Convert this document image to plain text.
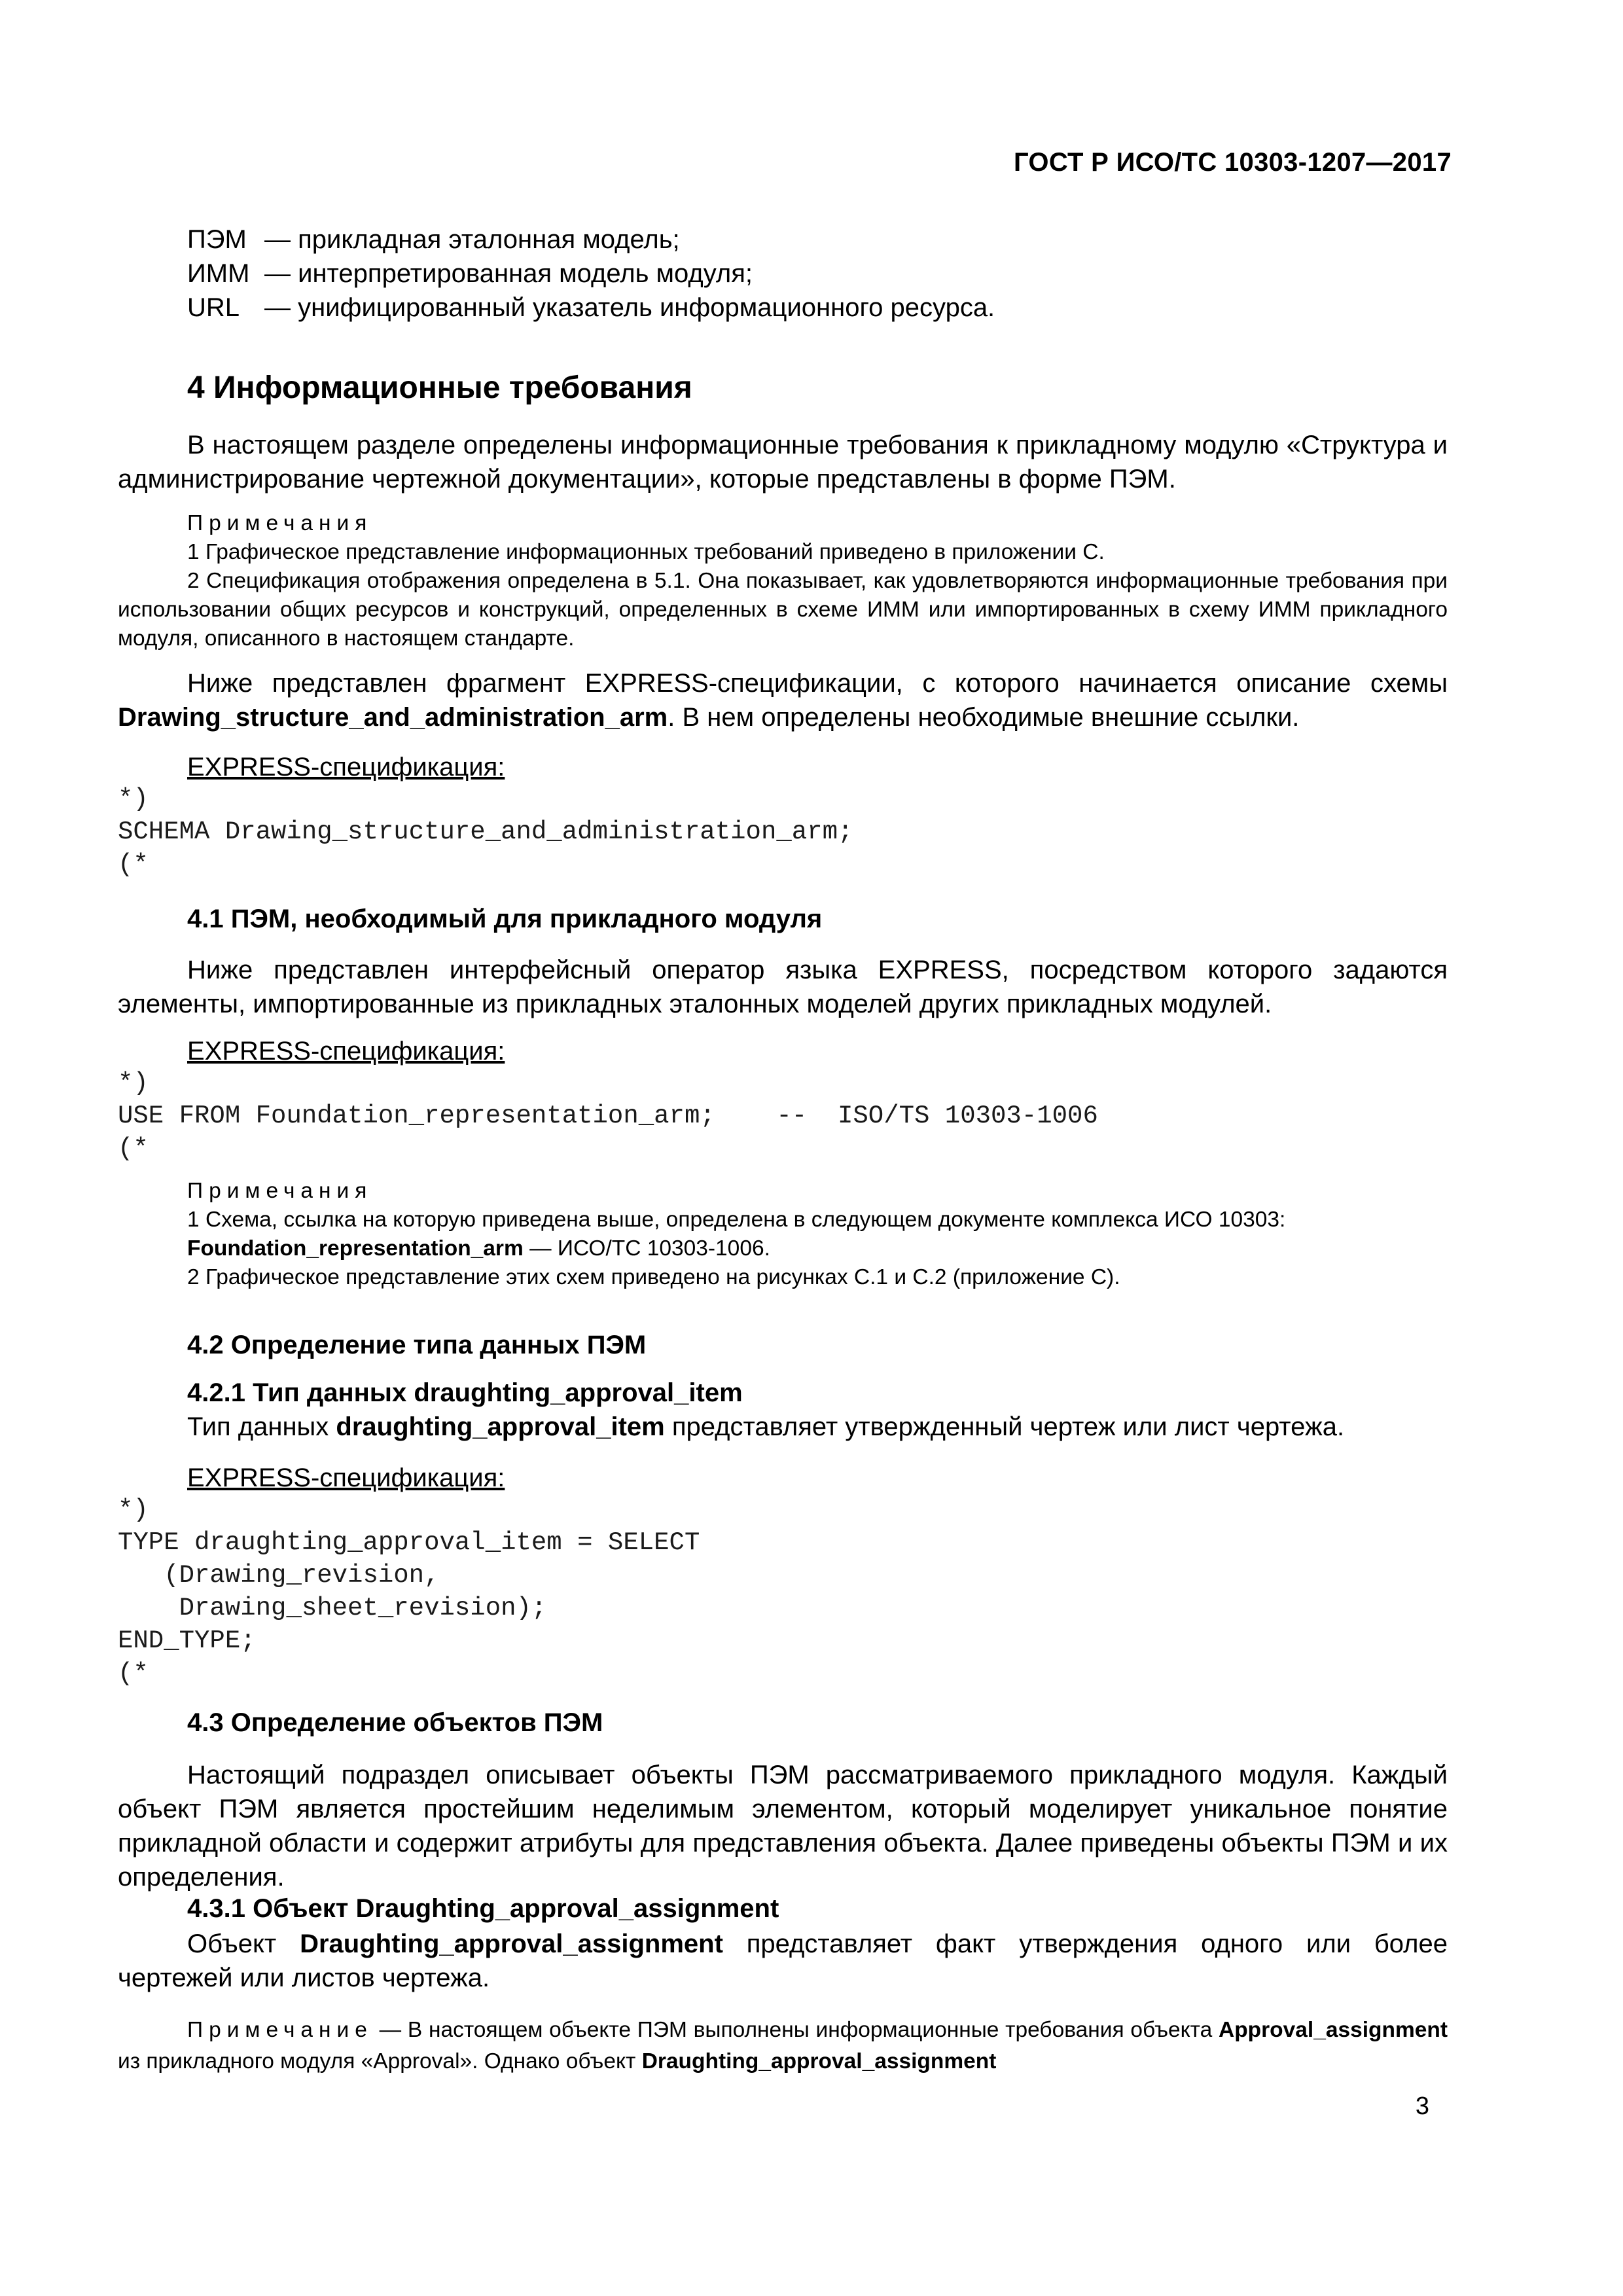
ГОСТ Р ИСО/ТС 10303-1207—2017
ПЭМ — прикладная эталонная модель;
ИММ — интерпретированная модель модуля;
URL — унифицированный указатель информационного ресурса.
4 Информационные требования
В настоящем разделе определены информационные требования к прикладному модулю «Структура и администрирование чертежной документации», которые представлены в форме ПЭМ.
Примечания
1 Графическое представление информационных требований приведено в приложении С.
2 Спецификация отображения определена в 5.1. Она показывает, как удовлетворяются информационные требования при использовании общих ресурсов и конструкций, определенных в схеме ИММ или импортированных в схему ИММ прикладного модуля, описанного в настоящем стандарте.
Ниже представлен фрагмент EXPRESS-спецификации, с которого начинается описание схемы Drawing_structure_and_administration_arm. В нем определены необходимые внешние ссылки.
EXPRESS-спецификация:
*)
SCHEMA Drawing_structure_and_administration_arm;
(*
4.1 ПЭМ, необходимый для прикладного модуля
Ниже представлен интерфейсный оператор языка EXPRESS, посредством которого задаются элементы, импортированные из прикладных эталонных моделей других прикладных модулей.
EXPRESS-спецификация:
*)
USE FROM Foundation_representation_arm;    --  ISO/TS 10303-1006
(*
Примечания
1 Схема, ссылка на которую приведена выше, определена в следующем документе комплекса ИСО 10303:
Foundation_representation_arm — ИСО/ТС 10303-1006.
2 Графическое представление этих схем приведено на рисунках С.1 и С.2 (приложение С).
4.2 Определение типа данных ПЭМ
4.2.1 Тип данных draughting_approval_item
Тип данных draughting_approval_item представляет утвержденный чертеж или лист чертежа.
EXPRESS-спецификация:
*)
TYPE draughting_approval_item = SELECT
(Drawing_revision,
Drawing_sheet_revision);
END_TYPE;
(*
4.3 Определение объектов ПЭМ
Настоящий подраздел описывает объекты ПЭМ рассматриваемого прикладного модуля. Каждый объект ПЭМ является простейшим неделимым элементом, который моделирует уникальное понятие прикладной области и содержит атрибуты для представления объекта. Далее приведены объекты ПЭМ и их определения.
4.3.1 Объект Draughting_approval_assignment
Объект Draughting_approval_assignment представляет факт утверждения одного или более чертежей или листов чертежа.
Примечание — В настоящем объекте ПЭМ выполнены информационные требования объекта Approval_assignment из прикладного модуля «Approval». Однако объект Draughting_approval_assignment
3
